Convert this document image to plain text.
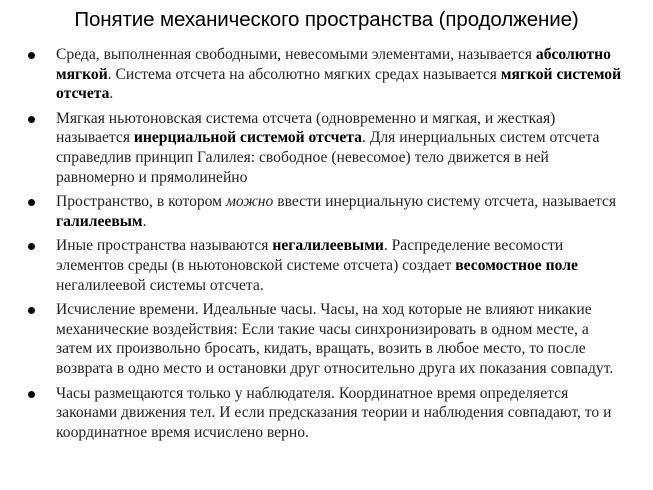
Понятие механического пространства (продолжение)
Среда, выполненная свободными, невесомыми элементами, называется абсолютно мягкой. Система отсчета на абсолютно мягких средах называется мягкой системой отсчета.
Мягкая ньютоновская система отсчета (одновременно и мягкая, и жесткая) называется инерциальной системой отсчета. Для инерциальных систем отсчета справедлив принцип Галилея: свободное (невесомое) тело движется в ней равномерно и прямолинейно
Пространство, в котором можно ввести инерциальную систему отсчета, называется галилеевым.
Иные пространства называются негалилеевыми. Распределение весомости элементов среды (в ньютоновской системе отсчета) создает весомостное поле негалилеевой системы отсчета.
Исчисление времени. Идеальные часы. Часы, на ход которые не влияют никакие механические воздействия: Если такие часы синхронизировать в одном месте, а затем их произвольно бросать, кидать, вращать, возить в любое место, то после возврата в одно место и остановки друг относительно друга их показания совпадут.
Часы размещаются только у наблюдателя. Координатное время определяется законами движения тел. И если предсказания теории и наблюдения совпадают, то и координатное время исчислено верно.
